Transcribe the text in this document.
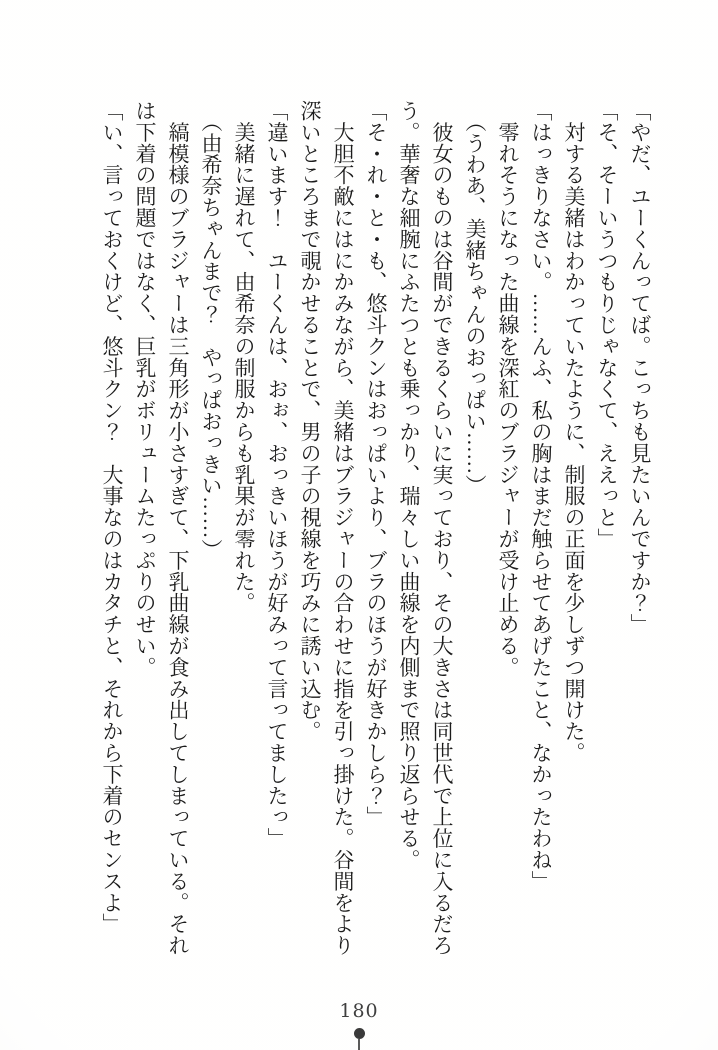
「やだ、ユーくんってば。こっちも見たいんですか？」

「そ、そーいうつもりじゃなくて、ええっと」

　対する美緒はわかっていたように、制服の正面を少しずつ開けた。

「はっきりなさい。……んふ、私の胸はまだ触らせてあげたこと、なかったわね」

　零れそうになった曲線を深紅のブラジャーが受け止める。

　（うわあ、美緒ちゃんのおっぱい……）

　彼女のものは谷間ができるくらいに実っており、その大きさは同世代で上位に入るだろ

う。華奢な細腕にふたつとも乗っかり、瑞々しい曲線を内側まで照り返らせる。

「そ・れ・と・も、悠斗クンはおっぱいより、ブラのほうが好きかしら？」

　大胆不敵にはにかみながら、美緒はブラジャーの合わせに指を引っ掛けた。谷間をより

深いところまで覗かせることで、男の子の視線を巧みに誘い込む。

「違います！　ユーくんは、おぉ、おっきいほうが好みって言ってましたっ」

　美緒に遅れて、由希奈の制服からも乳果が零れた。

　（由希奈ちゃんまで？　やっぱおっきい……）

　縞模様のブラジャーは三角形が小さすぎて、下乳曲線が食み出してしまっている。それ

は下着の問題ではなく、巨乳がボリュームたっぷりのせい。

「い、言っておくけど、悠斗クン？　大事なのはカタチと、それから下着のセンスよ」

180
